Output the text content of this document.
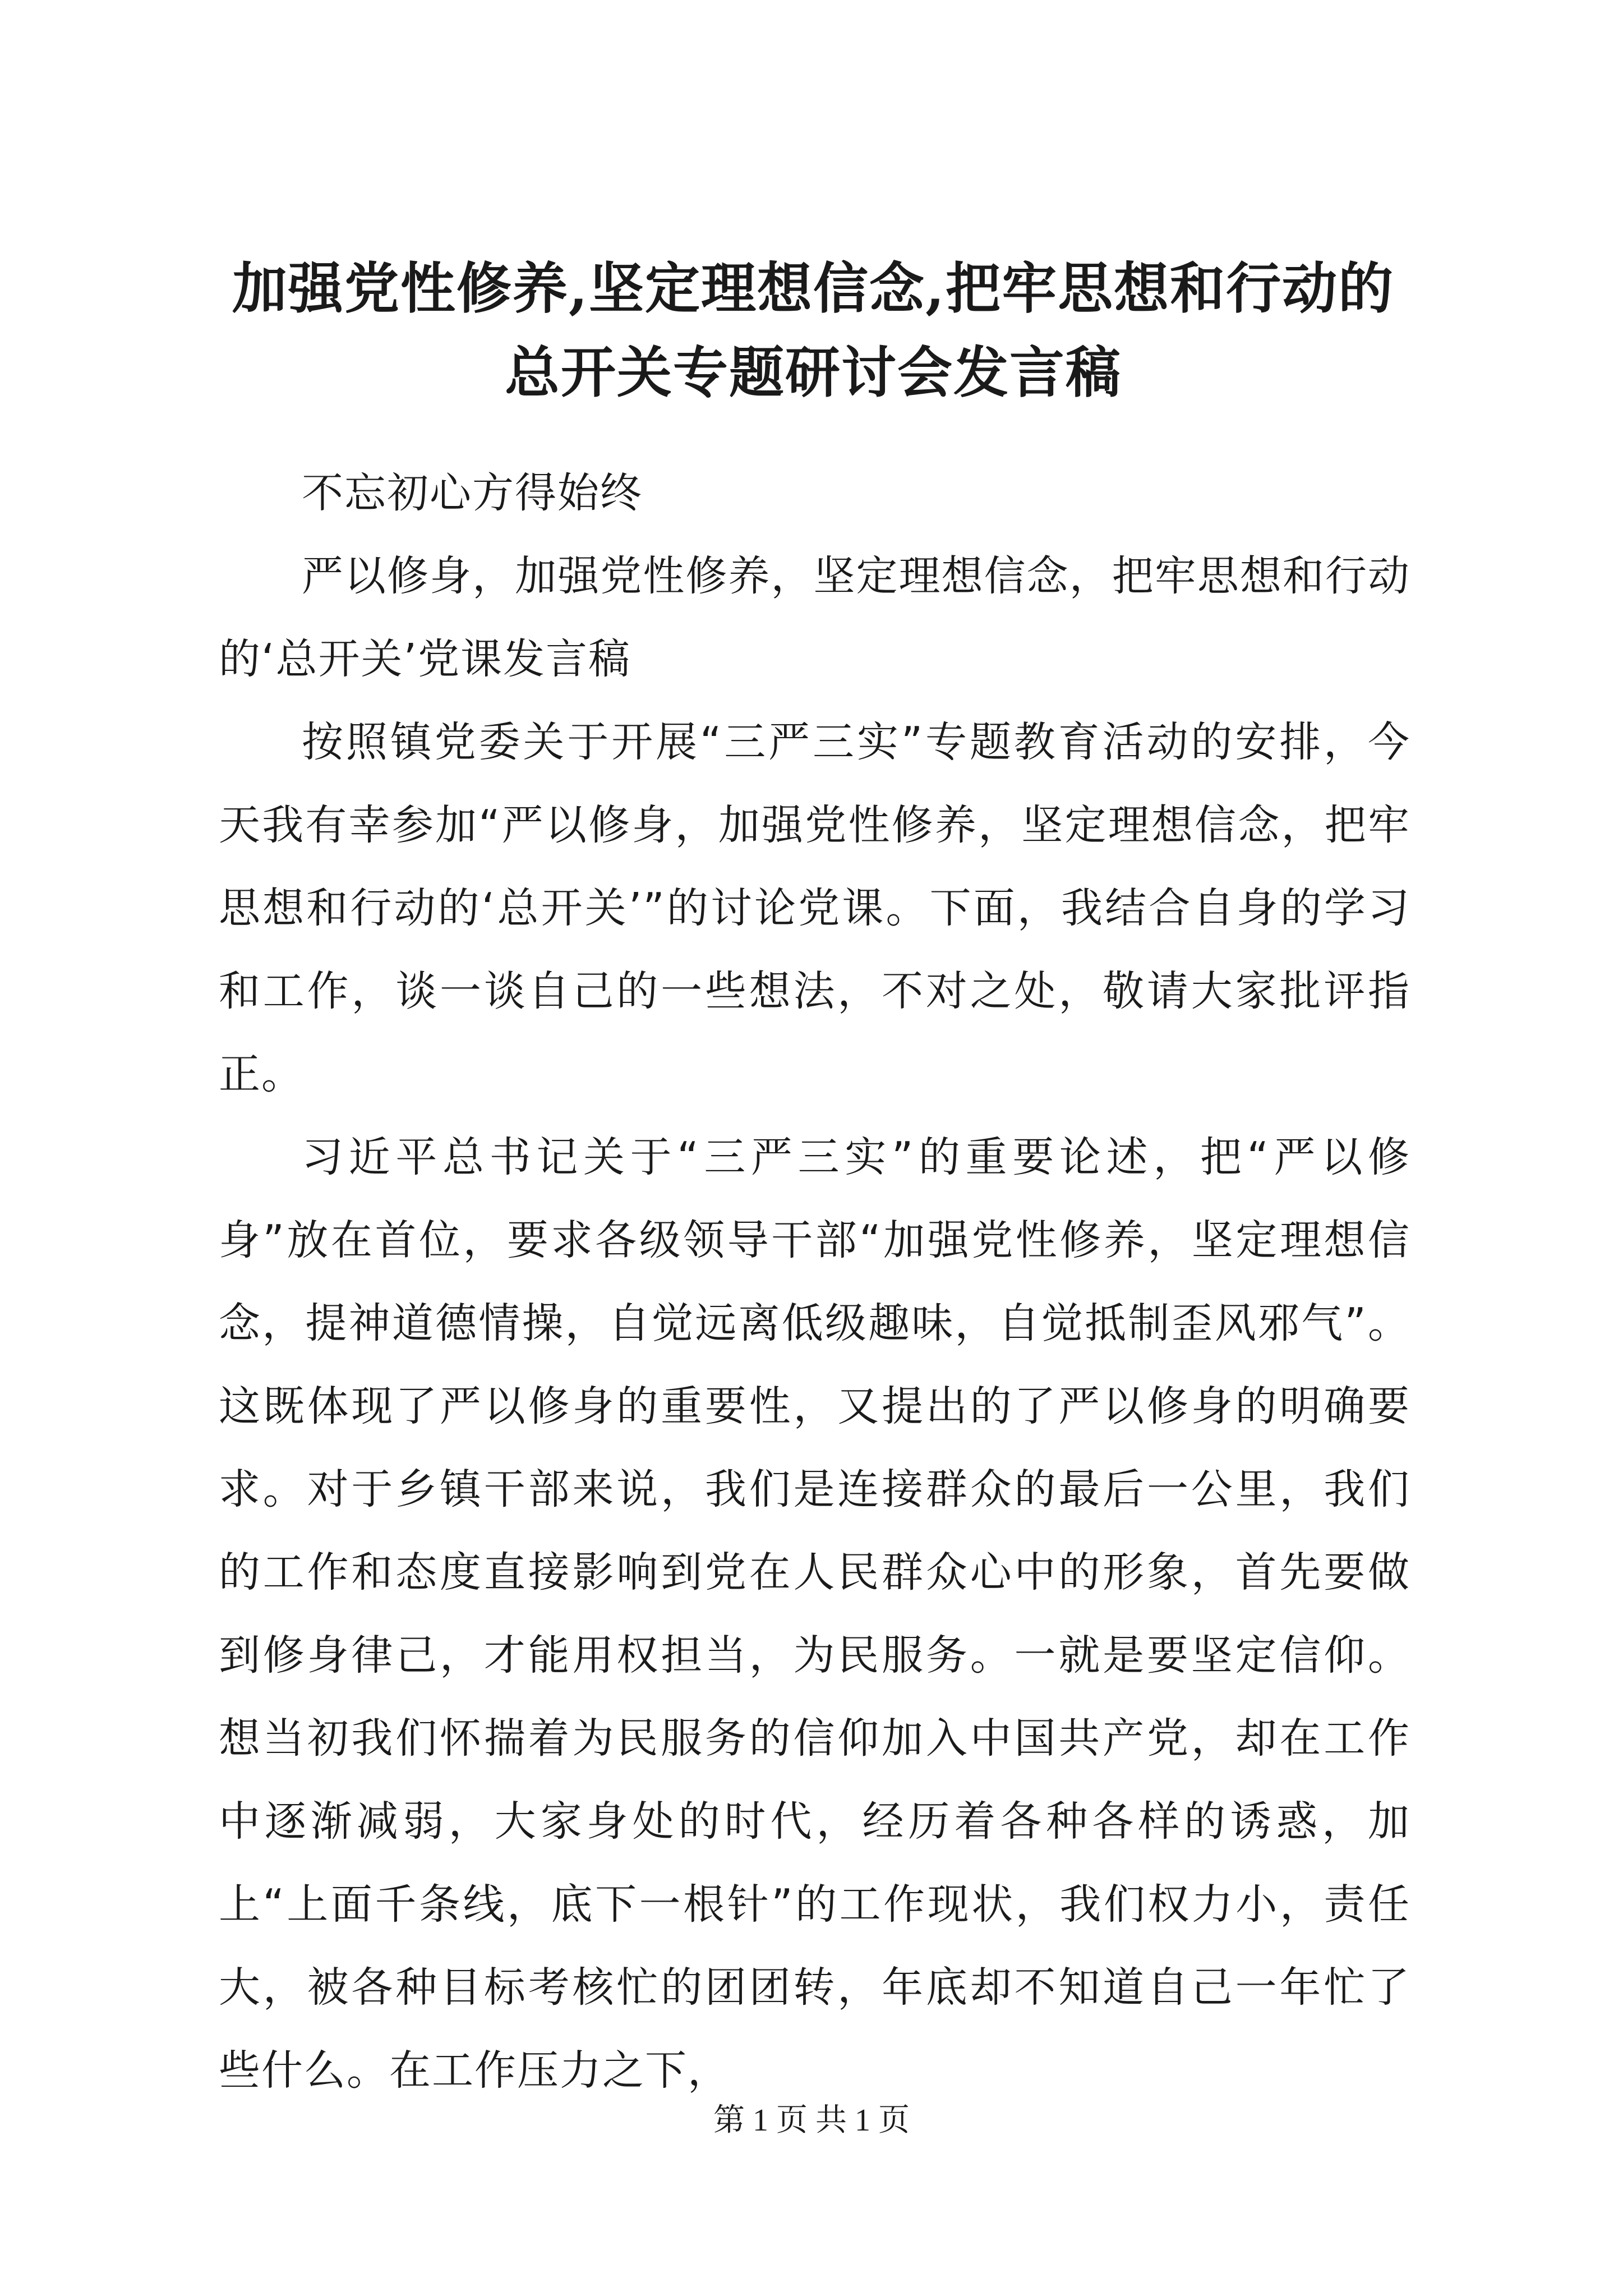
加强党性修养,坚定理想信念,把牢思想和行动的总开关专题研讨会发言稿

不忘初心方得始终

严以修身，加强党性修养，坚定理想信念，把牢思想和行动的‘总开关’党课发言稿

按照镇党委关于开展“三严三实”专题教育活动的安排，今天我有幸参加“严以修身，加强党性修养，坚定理想信念，把牢思想和行动的‘总开关’”的讨论党课。下面，我结合自身的学习和工作，谈一谈自己的一些想法，不对之处，敬请大家批评指正。

习近平总书记关于“三严三实”的重要论述，把“严以修身”放在首位，要求各级领导干部“加强党性修养，坚定理想信念，提神道德情操，自觉远离低级趣味，自觉抵制歪风邪气”。这既体现了严以修身的重要性，又提出的了严以修身的明确要求。对于乡镇干部来说，我们是连接群众的最后一公里，我们的工作和态度直接影响到党在人民群众心中的形象，首先要做到修身律己，才能用权担当，为民服务。一就是要坚定信仰。想当初我们怀揣着为民服务的信仰加入中国共产党，却在工作中逐渐减弱，大家身处的时代，经历着各种各样的诱惑，加上“上面千条线，底下一根针”的工作现状，我们权力小，责任大，被各种目标考核忙的团团转，年底却不知道自己一年忙了些什么。在工作压力之下，

第 1 页 共 1 页
